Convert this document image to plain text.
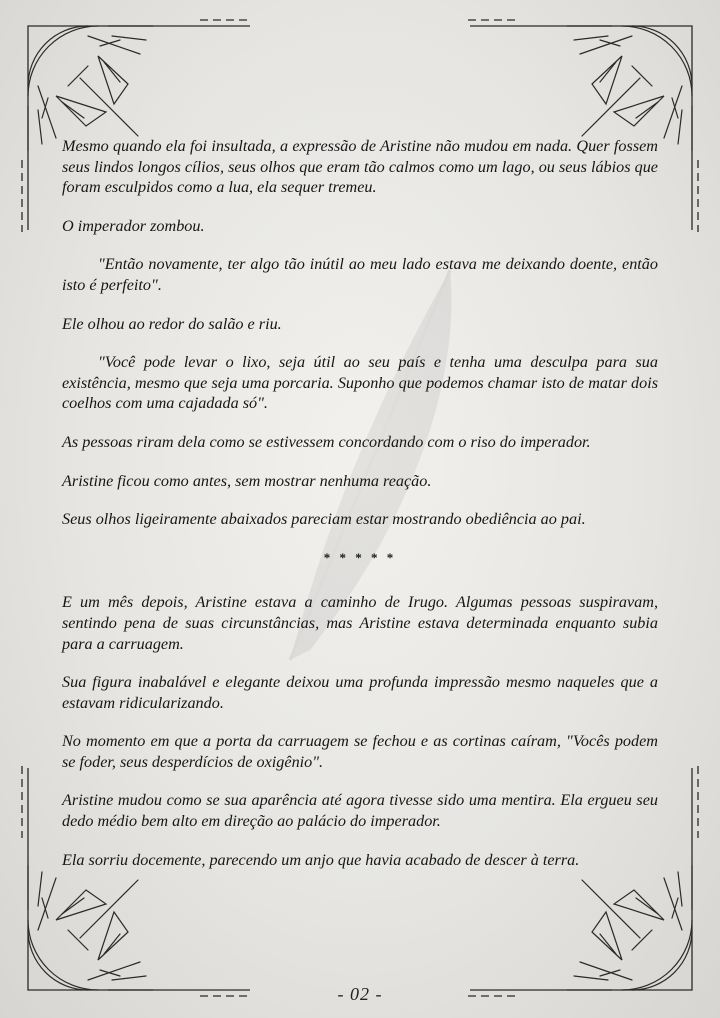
Mesmo quando ela foi insultada, a expressão de Aristine não mudou em nada. Quer fossem seus lindos longos cílios, seus olhos que eram tão calmos como um lago, ou seus lábios que foram esculpidos como a lua, ela sequer tremeu.

O imperador zombou.

"Então novamente, ter algo tão inútil ao meu lado estava me deixando doente, então isto é perfeito".

Ele olhou ao redor do salão e riu.

"Você pode levar o lixo, seja útil ao seu país e tenha uma desculpa para sua existência, mesmo que seja uma porcaria. Suponho que podemos chamar isto de matar dois coelhos com uma cajadada só".

As pessoas riram dela como se estivessem concordando com o riso do imperador.

Aristine ficou como antes, sem mostrar nenhuma reação.

Seus olhos ligeiramente abaixados pareciam estar mostrando obediência ao pai.

* * * * *

E um mês depois, Aristine estava a caminho de Irugo. Algumas pessoas suspiravam, sentindo pena de suas circunstâncias, mas Aristine estava determinada enquanto subia para a carruagem.

Sua figura inabalável e elegante deixou uma profunda impressão mesmo naqueles que a estavam ridicularizando.

No momento em que a porta da carruagem se fechou e as cortinas caíram, "Vocês podem se foder, seus desperdícios de oxigênio".

Aristine mudou como se sua aparência até agora tivesse sido uma mentira. Ela ergueu seu dedo médio bem alto em direção ao palácio do imperador.

Ela sorriu docemente, parecendo um anjo que havia acabado de descer à terra.

- 02 -
